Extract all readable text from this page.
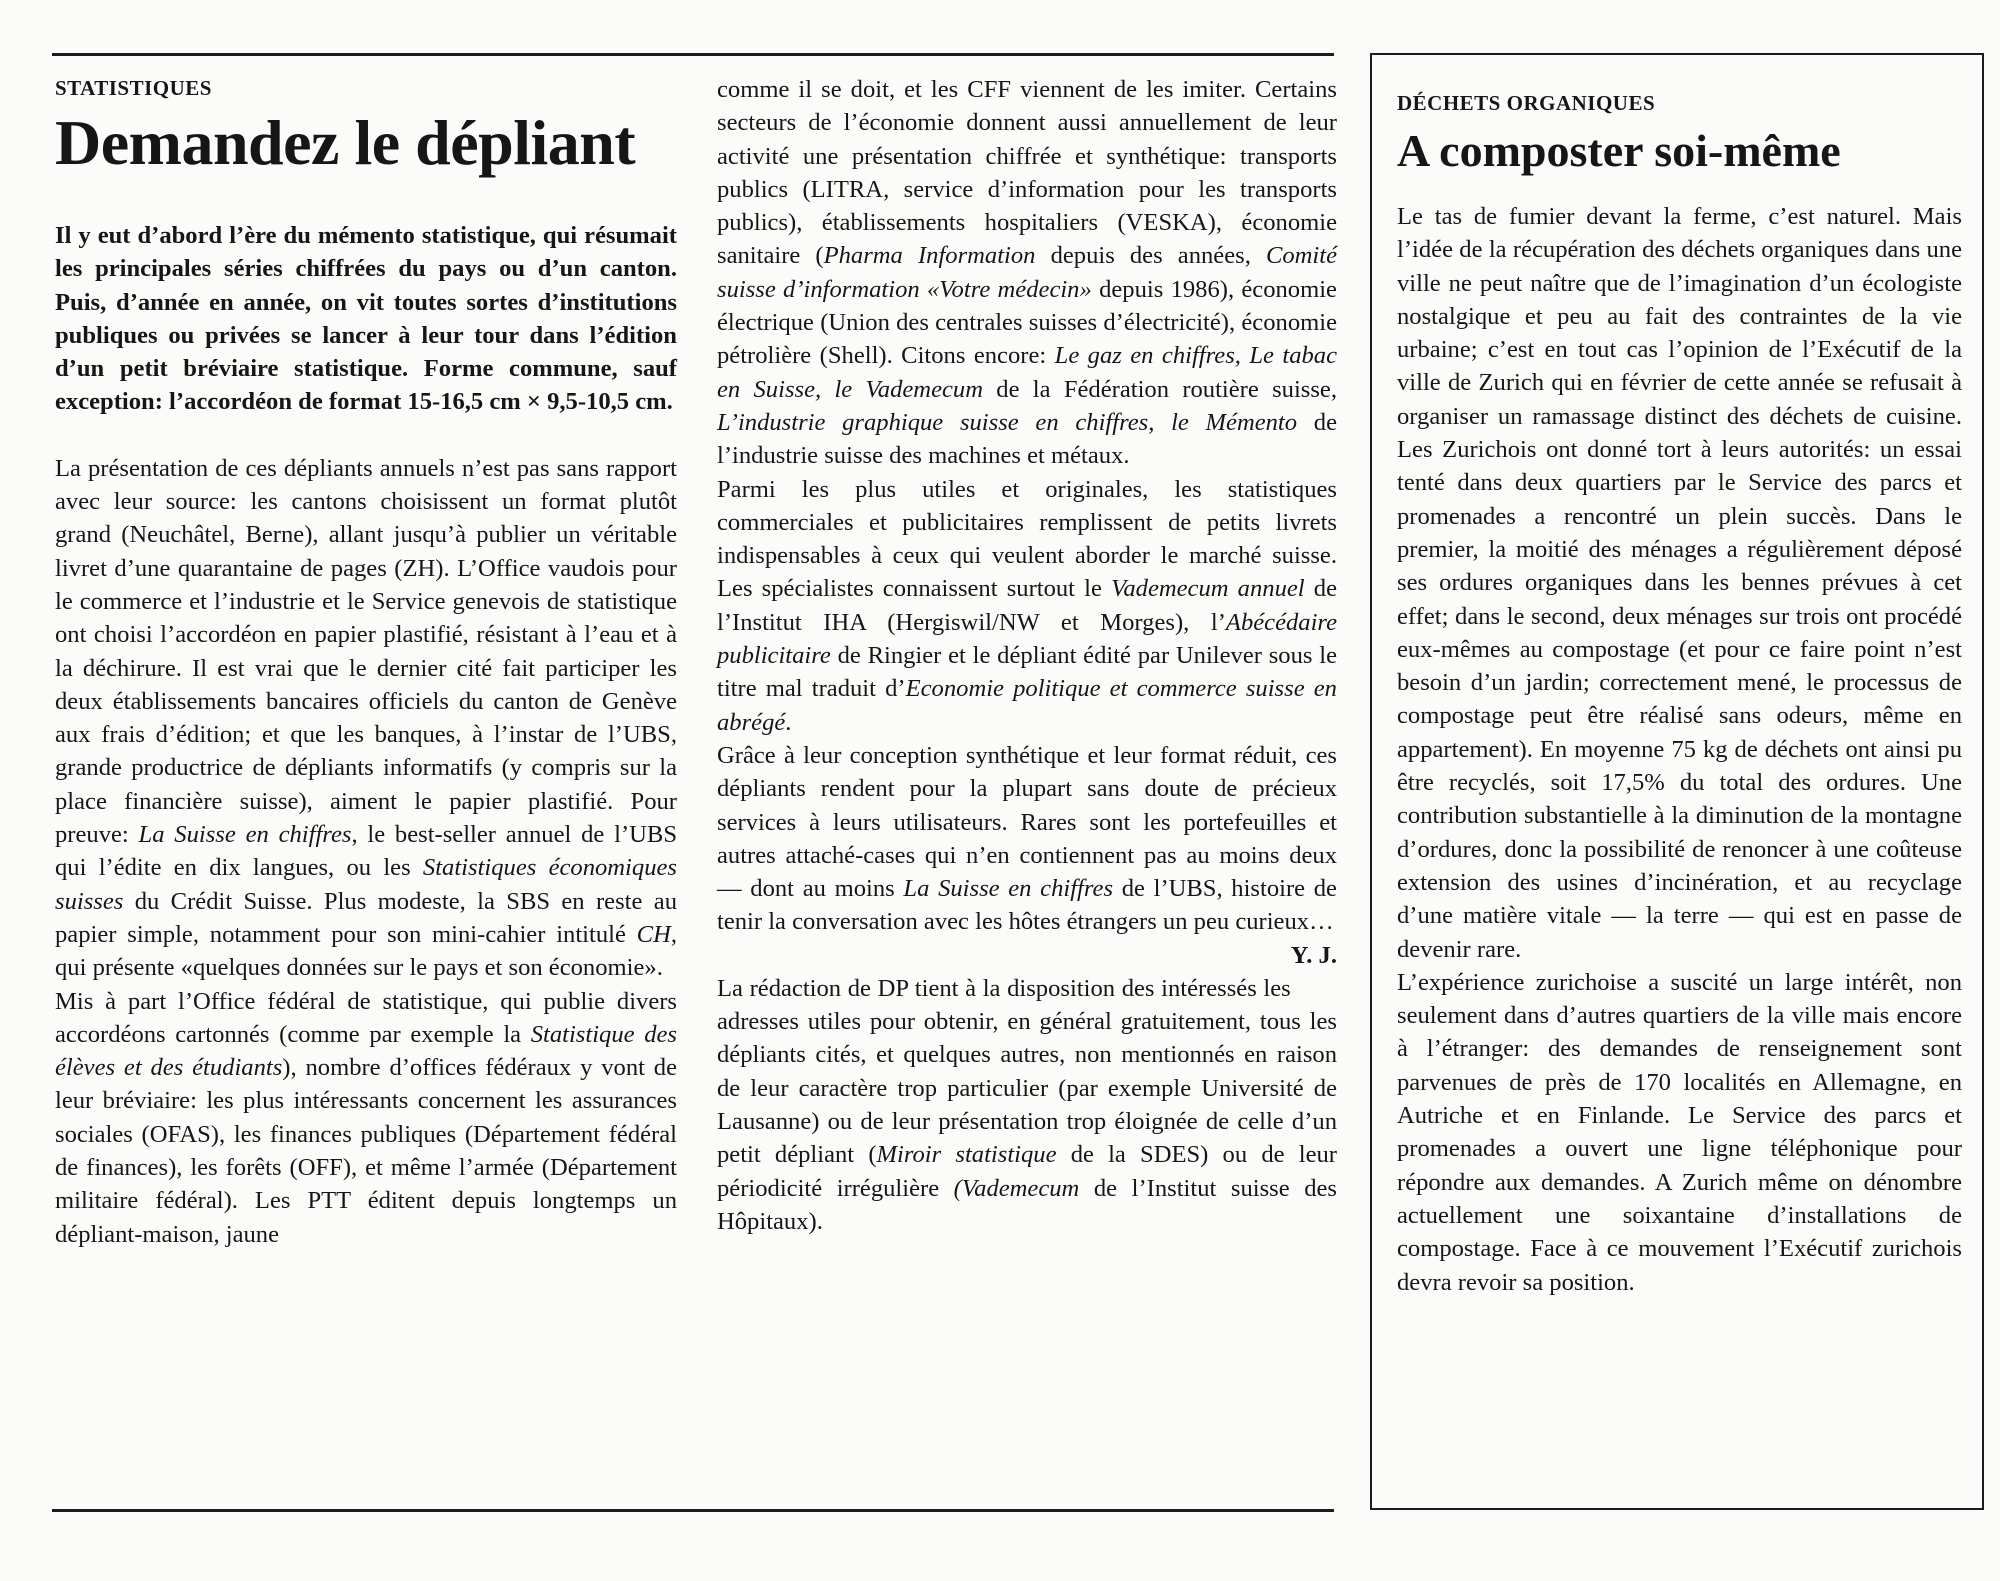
STATISTIQUES
Demandez le dépliant

Il y eut d’abord l’ère du mémento statistique, qui résumait les principales séries chiffrées du pays ou d’un canton. Puis, d’année en année, on vit toutes sortes d’institutions publiques ou privées se lancer à leur tour dans l’édition d’un petit bréviaire statistique. Forme commune, sauf exception: l’accordéon de format 15-16,5 cm × 9,5-10,5 cm.

La présentation de ces dépliants annuels n’est pas sans rapport avec leur source: les cantons choisissent un format plutôt grand (Neuchâtel, Berne), allant jusqu’à publier un véritable livret d’une quarantaine de pages (ZH). L’Office vaudois pour le commerce et l’industrie et le Service genevois de statistique ont choisi l’accordéon en papier plastifié, résistant à l’eau et à la déchirure. Il est vrai que le dernier cité fait participer les deux établissements bancaires officiels du canton de Genève aux frais d’édition; et que les banques, à l’instar de l’UBS, grande productrice de dépliants informatifs (y compris sur la place financière suisse), aiment le papier plastifié. Pour preuve: La Suisse en chiffres, le best-seller annuel de l’UBS qui l’édite en dix langues, ou les Statistiques économiques suisses du Crédit Suisse. Plus modeste, la SBS en reste au papier simple, notamment pour son mini-cahier intitulé CH, qui présente «quelques données sur le pays et son économie».

Mis à part l’Office fédéral de statistique, qui publie divers accordéons cartonnés (comme par exemple la Statistique des élèves et des étudiants), nombre d’offices fédéraux y vont de leur bréviaire: les plus intéressants concernent les assurances sociales (OFAS), les finances publiques (Département fédéral de finances), les forêts (OFF), et même l’armée (Département militaire fédéral). Les PTT éditent depuis longtemps un dépliant-maison, jaune

comme il se doit, et les CFF viennent de les imiter. Certains secteurs de l’économie donnent aussi annuellement de leur activité une présentation chiffrée et synthétique: transports publics (LITRA, service d’information pour les transports publics), établissements hospitaliers (VESKA), économie sanitaire (Pharma Information depuis des années, Comité suisse d’information «Votre médecin» depuis 1986), économie électrique (Union des centrales suisses d’électricité), économie pétrolière (Shell). Citons encore: Le gaz en chiffres, Le tabac en Suisse, le Vademecum de la Fédération routière suisse, L’industrie graphique suisse en chiffres, le Mémento de l’industrie suisse des machines et métaux.

Parmi les plus utiles et originales, les statistiques commerciales et publicitaires remplissent de petits livrets indispensables à ceux qui veulent aborder le marché suisse. Les spécialistes connaissent surtout le Vademecum annuel de l’Institut IHA (Hergiswil/NW et Morges), l’Abécédaire publicitaire de Ringier et le dépliant édité par Unilever sous le titre mal traduit d’Economie politique et commerce suisse en abrégé.

Grâce à leur conception synthétique et leur format réduit, ces dépliants rendent pour la plupart sans doute de précieux services à leurs utilisateurs. Rares sont les portefeuilles et autres attaché-cases qui n’en contiennent pas au moins deux — dont au moins La Suisse en chiffres de l’UBS, histoire de tenir la conversation avec les hôtes étrangers un peu curieux…
Y. J.

La rédaction de DP tient à la disposition des intéressés les adresses utiles pour obtenir, en général gratuitement, tous les dépliants cités, et quelques autres, non mentionnés en raison de leur caractère trop particulier (par exemple Université de Lausanne) ou de leur présentation trop éloignée de celle d’un petit dépliant (Miroir statistique de la SDES) ou de leur périodicité irrégulière (Vademecum de l’Institut suisse des Hôpitaux).

DÉCHETS ORGANIQUES
A composter soi-même

Le tas de fumier devant la ferme, c’est naturel. Mais l’idée de la récupération des déchets organiques dans une ville ne peut naître que de l’imagination d’un écologiste nostalgique et peu au fait des contraintes de la vie urbaine; c’est en tout cas l’opinion de l’Exécutif de la ville de Zurich qui en février de cette année se refusait à organiser un ramassage distinct des déchets de cuisine. Les Zurichois ont donné tort à leurs autorités: un essai tenté dans deux quartiers par le Service des parcs et promenades a rencontré un plein succès. Dans le premier, la moitié des ménages a régulièrement déposé ses ordures organiques dans les bennes prévues à cet effet; dans le second, deux ménages sur trois ont procédé eux-mêmes au compostage (et pour ce faire point n’est besoin d’un jardin; correctement mené, le processus de compostage peut être réalisé sans odeurs, même en appartement). En moyenne 75 kg de déchets ont ainsi pu être recyclés, soit 17,5% du total des ordures. Une contribution substantielle à la diminution de la montagne d’ordures, donc la possibilité de renoncer à une coûteuse extension des usines d’incinération, et au recyclage d’une matière vitale — la terre — qui est en passe de devenir rare.

L’expérience zurichoise a suscité un large intérêt, non seulement dans d’autres quartiers de la ville mais encore à l’étranger: des demandes de renseignement sont parvenues de près de 170 localités en Allemagne, en Autriche et en Finlande. Le Service des parcs et promenades a ouvert une ligne téléphonique pour répondre aux demandes. A Zurich même on dénombre actuellement une soixantaine d’installations de compostage. Face à ce mouvement l’Exécutif zurichois devra revoir sa position.
